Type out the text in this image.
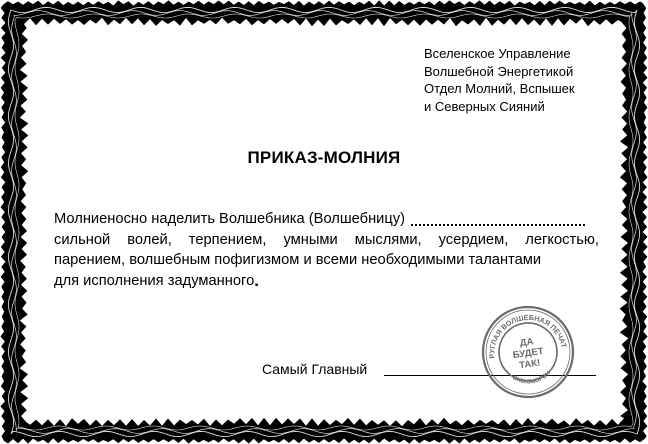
Вселенское Управление
Волшебной Энергетикой
Отдел Молний, Вспышек
и Северных Сияний
ПРИКАЗ-МОЛНИЯ
Молниеносно наделить Волшебника (Волшебницу)
сильной волей, терпением, умными мыслями, усердием, легкостью,
парением, волшебным пофигизмом и всеми необходимыми талантами
для исполнения задуманного .
Самый Главный
КРУГЛАЯ ВОЛШЕБНАЯ ПЕЧАТЬ
ОКСЮМОРОН
ДА
БУДЕТ
ТАК!
